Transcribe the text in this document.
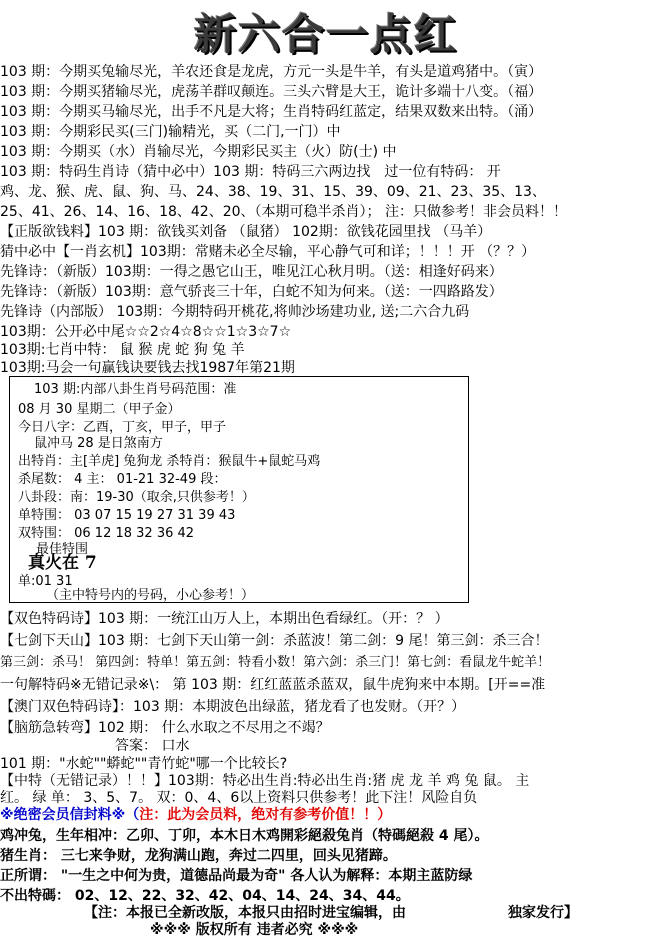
新六合一点红
103 期：今期买兔输尽光，羊农还食是龙虎，方元一头是牛羊，有头是道鸡猪中。（寅）
103 期：今期买猪输尽光，虎荡羊群叹颠连。三头六臂是大王，诡计多端十八变。（福）
103 期：今期买马输尽光，出手不凡是大将；生肖特码红蓝定，结果双数来出特。（涌）
103 期：今期彩民买(三门)输精光，买（二门,一门）中
103 期：今期买（水）肖输尽光，今期彩民买主（火）防(士) 中
103 期：特码生肖诗（猜中必中）103 期：特码三六两边找　过一位有特码： 开
鸡、龙、猴、虎、鼠、狗、马、24、38、19、31、15、39、09、21、23、35、13、
25、41、26、14、16、18、42、20、（本期可稳半杀肖）； 注：只做参考！非会员料！！
【正版欲钱料】103 期：欲钱买刘备 （鼠猪） 102期：欲钱花园里找 （马羊）
猜中必中【一肖玄机】103期：常赌未必全尽输，平心静气可和详；！！！开 （？？）
先锋诗：（新版）103期：一得之愚它山王，唯见江心秋月明。（送：相逢好码来）
先锋诗：（新版）103期：意气骄丧三十年，白蛇不知为何来。（送：一四路路发）
先锋诗（内部版） 103期：今期特码开桃花,将帅沙场建功业, 送;二六合九码
103期：公开必中尾☆☆2☆4☆8☆☆1☆3☆7☆
103期:七肖中特： 鼠 猴 虎 蛇 狗 兔 羊
103期:马会一句赢钱诀要钱去找1987年第21期
103 期:内部八卦生肖号码范围：准
08 月 30 星期二（甲子金）
今日八字：乙酉，丁亥，甲子，甲子
鼠冲马 28 是日煞南方
出特肖：主[羊虎] 兔狗龙 杀特肖：猴鼠牛+鼠蛇马鸡
杀尾数： 4 主： 01-21 32-49 段：
八卦段：南：19-30（取余,只供参考！）
单特围： 03 07 15 19 27 31 39 43
双特围： 06 12 18 32 36 42
最佳特围
真火在 7
单:01 31
（主中特号内的号码，小心参考！）
【双色特码诗】103 期：一统江山万人上，本期出色看绿红。（开：？ ）
【七剑下天山】103 期：七剑下天山第一剑：杀蓝波！第二剑：9 尾！第三剑：杀三合！
第三剑：杀马！ 第四剑：特单！第五剑：特看小数！第六剑：杀三门！第七剑：看鼠龙牛蛇羊！
一句解特码※无错记录※\： 第 103 期：红红蓝蓝杀蓝双，鼠牛虎狗来中本期。[开==准
【澳门双色特码诗】：103 期：本期波色出绿蓝，猪龙看了也发财。（开？）
【脑筋急转弯】102 期： 什么水取之不尽用之不竭？
答案： 口水
101 期："水蛇""蟒蛇""青竹蛇"哪一个比较长?
【中特（无错记录）！！】103期：特必出生肖:特必出生肖:猪 虎 龙 羊 鸡 兔 鼠。 主
红。 绿 单： 3、5、7。 双：0、4、6以上资料只供参考！此下注！风险自负
※绝密会员信封料※（注：此为会员料，绝对有参考价值！！）
鸡冲兔，生年相冲：乙卯、丁卯，本木日木鸡開彩絕殺兔肖（特碼絕殺 4 尾）。
猪生肖： 三七来争财，龙狗满山跑，奔过二四里，回头见猪蹄。
正所谓： "一生之中何为贵，道德品尚最为奇" 各人认为解释：本期主蓝防绿
不出特碼： 02、12、22、32、42、04、14、24、34、44。
【注：本报已全新改版，本报只由招时进宝编辑，由	独家发行】
※※※ 版权所有 违者必究 ※※※
